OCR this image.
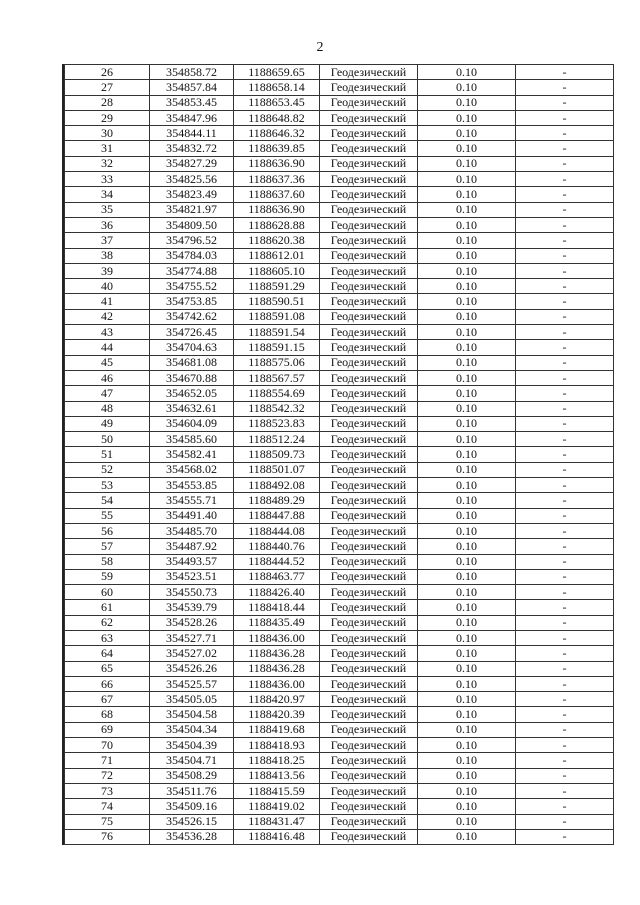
2
26	354858.72	1188659.65	Геодезический	0.10	-
27	354857.84	1188658.14	Геодезический	0.10	-
28	354853.45	1188653.45	Геодезический	0.10	-
29	354847.96	1188648.82	Геодезический	0.10	-
30	354844.11	1188646.32	Геодезический	0.10	-
31	354832.72	1188639.85	Геодезический	0.10	-
32	354827.29	1188636.90	Геодезический	0.10	-
33	354825.56	1188637.36	Геодезический	0.10	-
34	354823.49	1188637.60	Геодезический	0.10	-
35	354821.97	1188636.90	Геодезический	0.10	-
36	354809.50	1188628.88	Геодезический	0.10	-
37	354796.52	1188620.38	Геодезический	0.10	-
38	354784.03	1188612.01	Геодезический	0.10	-
39	354774.88	1188605.10	Геодезический	0.10	-
40	354755.52	1188591.29	Геодезический	0.10	-
41	354753.85	1188590.51	Геодезический	0.10	-
42	354742.62	1188591.08	Геодезический	0.10	-
43	354726.45	1188591.54	Геодезический	0.10	-
44	354704.63	1188591.15	Геодезический	0.10	-
45	354681.08	1188575.06	Геодезический	0.10	-
46	354670.88	1188567.57	Геодезический	0.10	-
47	354652.05	1188554.69	Геодезический	0.10	-
48	354632.61	1188542.32	Геодезический	0.10	-
49	354604.09	1188523.83	Геодезический	0.10	-
50	354585.60	1188512.24	Геодезический	0.10	-
51	354582.41	1188509.73	Геодезический	0.10	-
52	354568.02	1188501.07	Геодезический	0.10	-
53	354553.85	1188492.08	Геодезический	0.10	-
54	354555.71	1188489.29	Геодезический	0.10	-
55	354491.40	1188447.88	Геодезический	0.10	-
56	354485.70	1188444.08	Геодезический	0.10	-
57	354487.92	1188440.76	Геодезический	0.10	-
58	354493.57	1188444.52	Геодезический	0.10	-
59	354523.51	1188463.77	Геодезический	0.10	-
60	354550.73	1188426.40	Геодезический	0.10	-
61	354539.79	1188418.44	Геодезический	0.10	-
62	354528.26	1188435.49	Геодезический	0.10	-
63	354527.71	1188436.00	Геодезический	0.10	-
64	354527.02	1188436.28	Геодезический	0.10	-
65	354526.26	1188436.28	Геодезический	0.10	-
66	354525.57	1188436.00	Геодезический	0.10	-
67	354505.05	1188420.97	Геодезический	0.10	-
68	354504.58	1188420.39	Геодезический	0.10	-
69	354504.34	1188419.68	Геодезический	0.10	-
70	354504.39	1188418.93	Геодезический	0.10	-
71	354504.71	1188418.25	Геодезический	0.10	-
72	354508.29	1188413.56	Геодезический	0.10	-
73	354511.76	1188415.59	Геодезический	0.10	-
74	354509.16	1188419.02	Геодезический	0.10	-
75	354526.15	1188431.47	Геодезический	0.10	-
76	354536.28	1188416.48	Геодезический	0.10	-
